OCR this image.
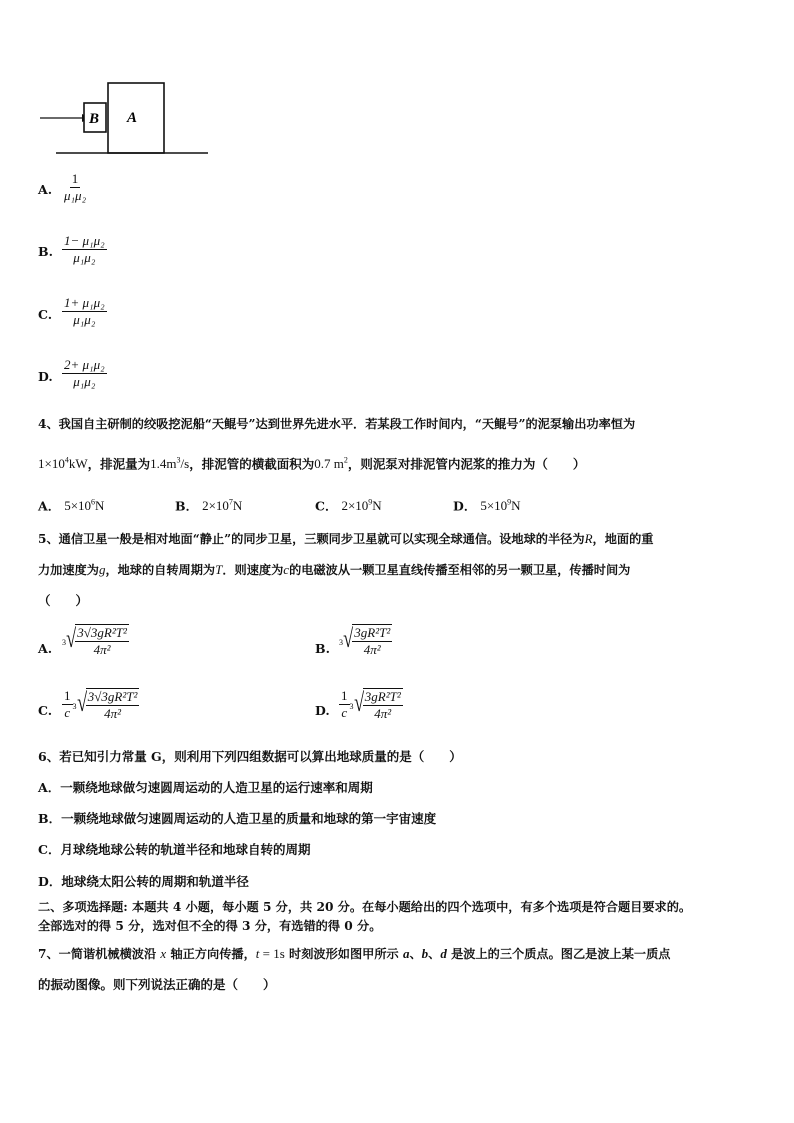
B A
A. $\frac{1}{\text{μ₁μ₂}}$
B. $\frac{\text{1− μ₁μ₂}}{\text{μ₁μ₂}}$
C. $\frac{\text{1+ μ₁μ₂}}{\text{μ₁μ₂}}$
D. $\frac{\text{2+ μ₁μ₂}}{\text{μ₁μ₂}}$
4、我国自主研制的绞吸挖泥船“天鲲号”达到世界先进水平．若某段工作时间内，“天鲲号”的泥泵输出功率恒为
$1\times 10^4kW$，排泥量为$1.4m^3/s$，排泥管的横截面积为0.7 $m^2$，则泥泵对排泥管内泥浆的推力为（　　）
A． $5\times 10^6N$	B． $2\times 10^7N$	C． $2\times 10^9N$	D． $5\times 10^9N$
5、通信卫星一般是相对地面“静止”的同步卫星，三颗同步卫星就可以实现全球通信。设地球的半径为R，地面的重
力加速度为g，地球的自转周期为T．则速度为c的电磁波从一颗卫星直线传播至相邻的另一颗卫星，传播时间为
（　　）
A. 3 √ $\frac{\text{3√3gR²T²}}{\text{4π²}}$	B. 3 √ $\frac{\text{3gR²T²}}{\text{4π²}}$
C. $\frac{1}{c} 3$ √ $\frac{\text{3√3gR²T²}}{\text{4π²}}$	D. $\frac{1}{c} 3$ √ $\frac{\text{3gR²T²}}{\text{4π²}}$
6、若已知引力常量 G，则利用下列四组数据可以算出地球质量的是（　　）
A．一颗绕地球做匀速圆周运动的人造卫星的运行速率和周期
B．一颗绕地球做匀速圆周运动的人造卫星的质量和地球的第一宇宙速度
C．月球绕地球公转的轨道半径和地球自转的周期
D．地球绕太阳公转的周期和轨道半径
二、多项选择题: 本题共 4 小题，每小题 5 分，共 20 分。在每小题给出的四个选项中，有多个选项是符合题目要求的。
全部选对的得 5 分，选对但不全的得 3 分，有选错的得 0 分。
7、一简谐机械横波沿 x 轴正方向传播，t = 1s 时刻波形如图甲所示 a、b、d 是波上的三个质点。图乙是波上某一质点
的振动图像。则下列说法正确的是（　　）
